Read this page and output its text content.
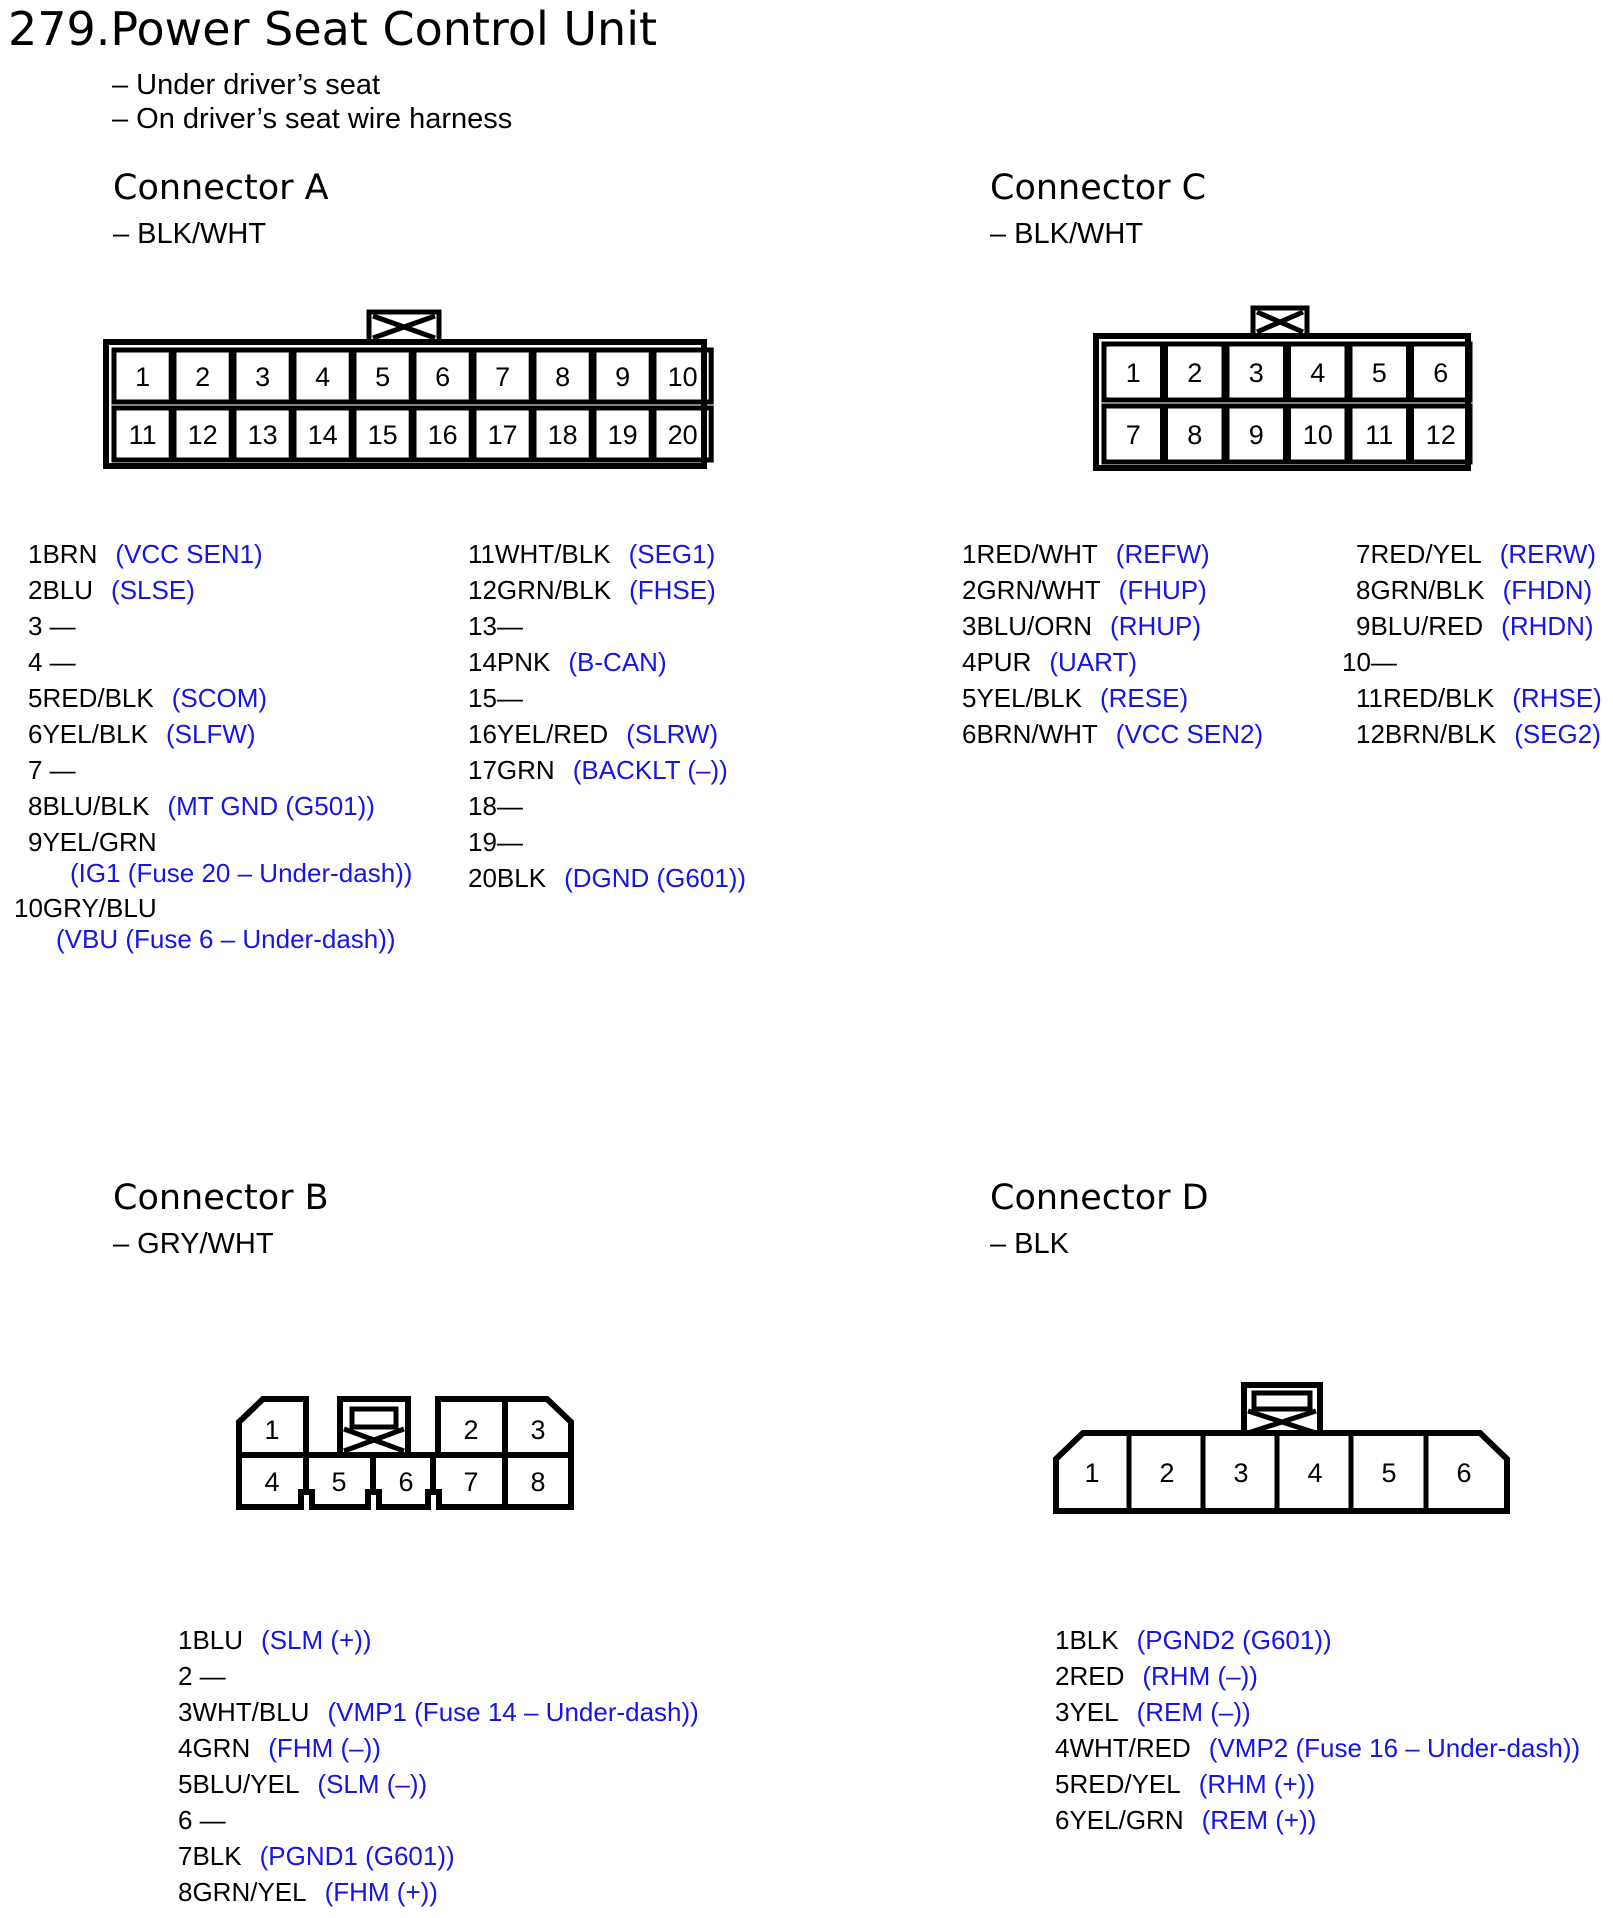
279.Power Seat Control Unit
– Under driver’s seat
– On driver’s seat wire harness
Connector A
– BLK/WHT
1 2 3 4 5 6 7 8 9 10
11 12 13 14 15 16 17 18 19 20
1BRN (VCC SEN1)
2BLU (SLSE)
3 —
4 —
5RED/BLK (SCOM)
6YEL/BLK (SLFW)
7 —
8BLU/BLK (MT GND (G501))
9YEL/GRN
(IG1 (Fuse 20 – Under-dash))
10GRY/BLU
(VBU (Fuse 6 – Under-dash))
11WHT/BLK (SEG1)
12GRN/BLK (FHSE)
13—
14PNK (B-CAN)
15—
16YEL/RED (SLRW)
17GRN (BACKLT (–))
18—
19—
20BLK (DGND (G601))
Connector C
– BLK/WHT
1 2 3 4 5 6
7 8 9 10 11 12
1RED/WHT (REFW)
2GRN/WHT (FHUP)
3BLU/ORN (RHUP)
4PUR (UART)
5YEL/BLK (RESE)
6BRN/WHT (VCC SEN2)
7RED/YEL (RERW)
8GRN/BLK (FHDN)
9BLU/RED (RHDN)
10—
11RED/BLK (RHSE)
12BRN/BLK (SEG2)
Connector B
– GRY/WHT
1	2 3
4 5 6 7 8
1BLU (SLM (+))
2 —
3WHT/BLU (VMP1 (Fuse 14 – Under-dash))
4GRN (FHM (–))
5BLU/YEL (SLM (–))
6 —
7BLK (PGND1 (G601))
8GRN/YEL (FHM (+))
Connector D
– BLK
1 2 3 4 5 6
1BLK (PGND2 (G601))
2RED (RHM (–))
3YEL (REM (–))
4WHT/RED (VMP2 (Fuse 16 – Under-dash))
5RED/YEL (RHM (+))
6YEL/GRN (REM (+))
